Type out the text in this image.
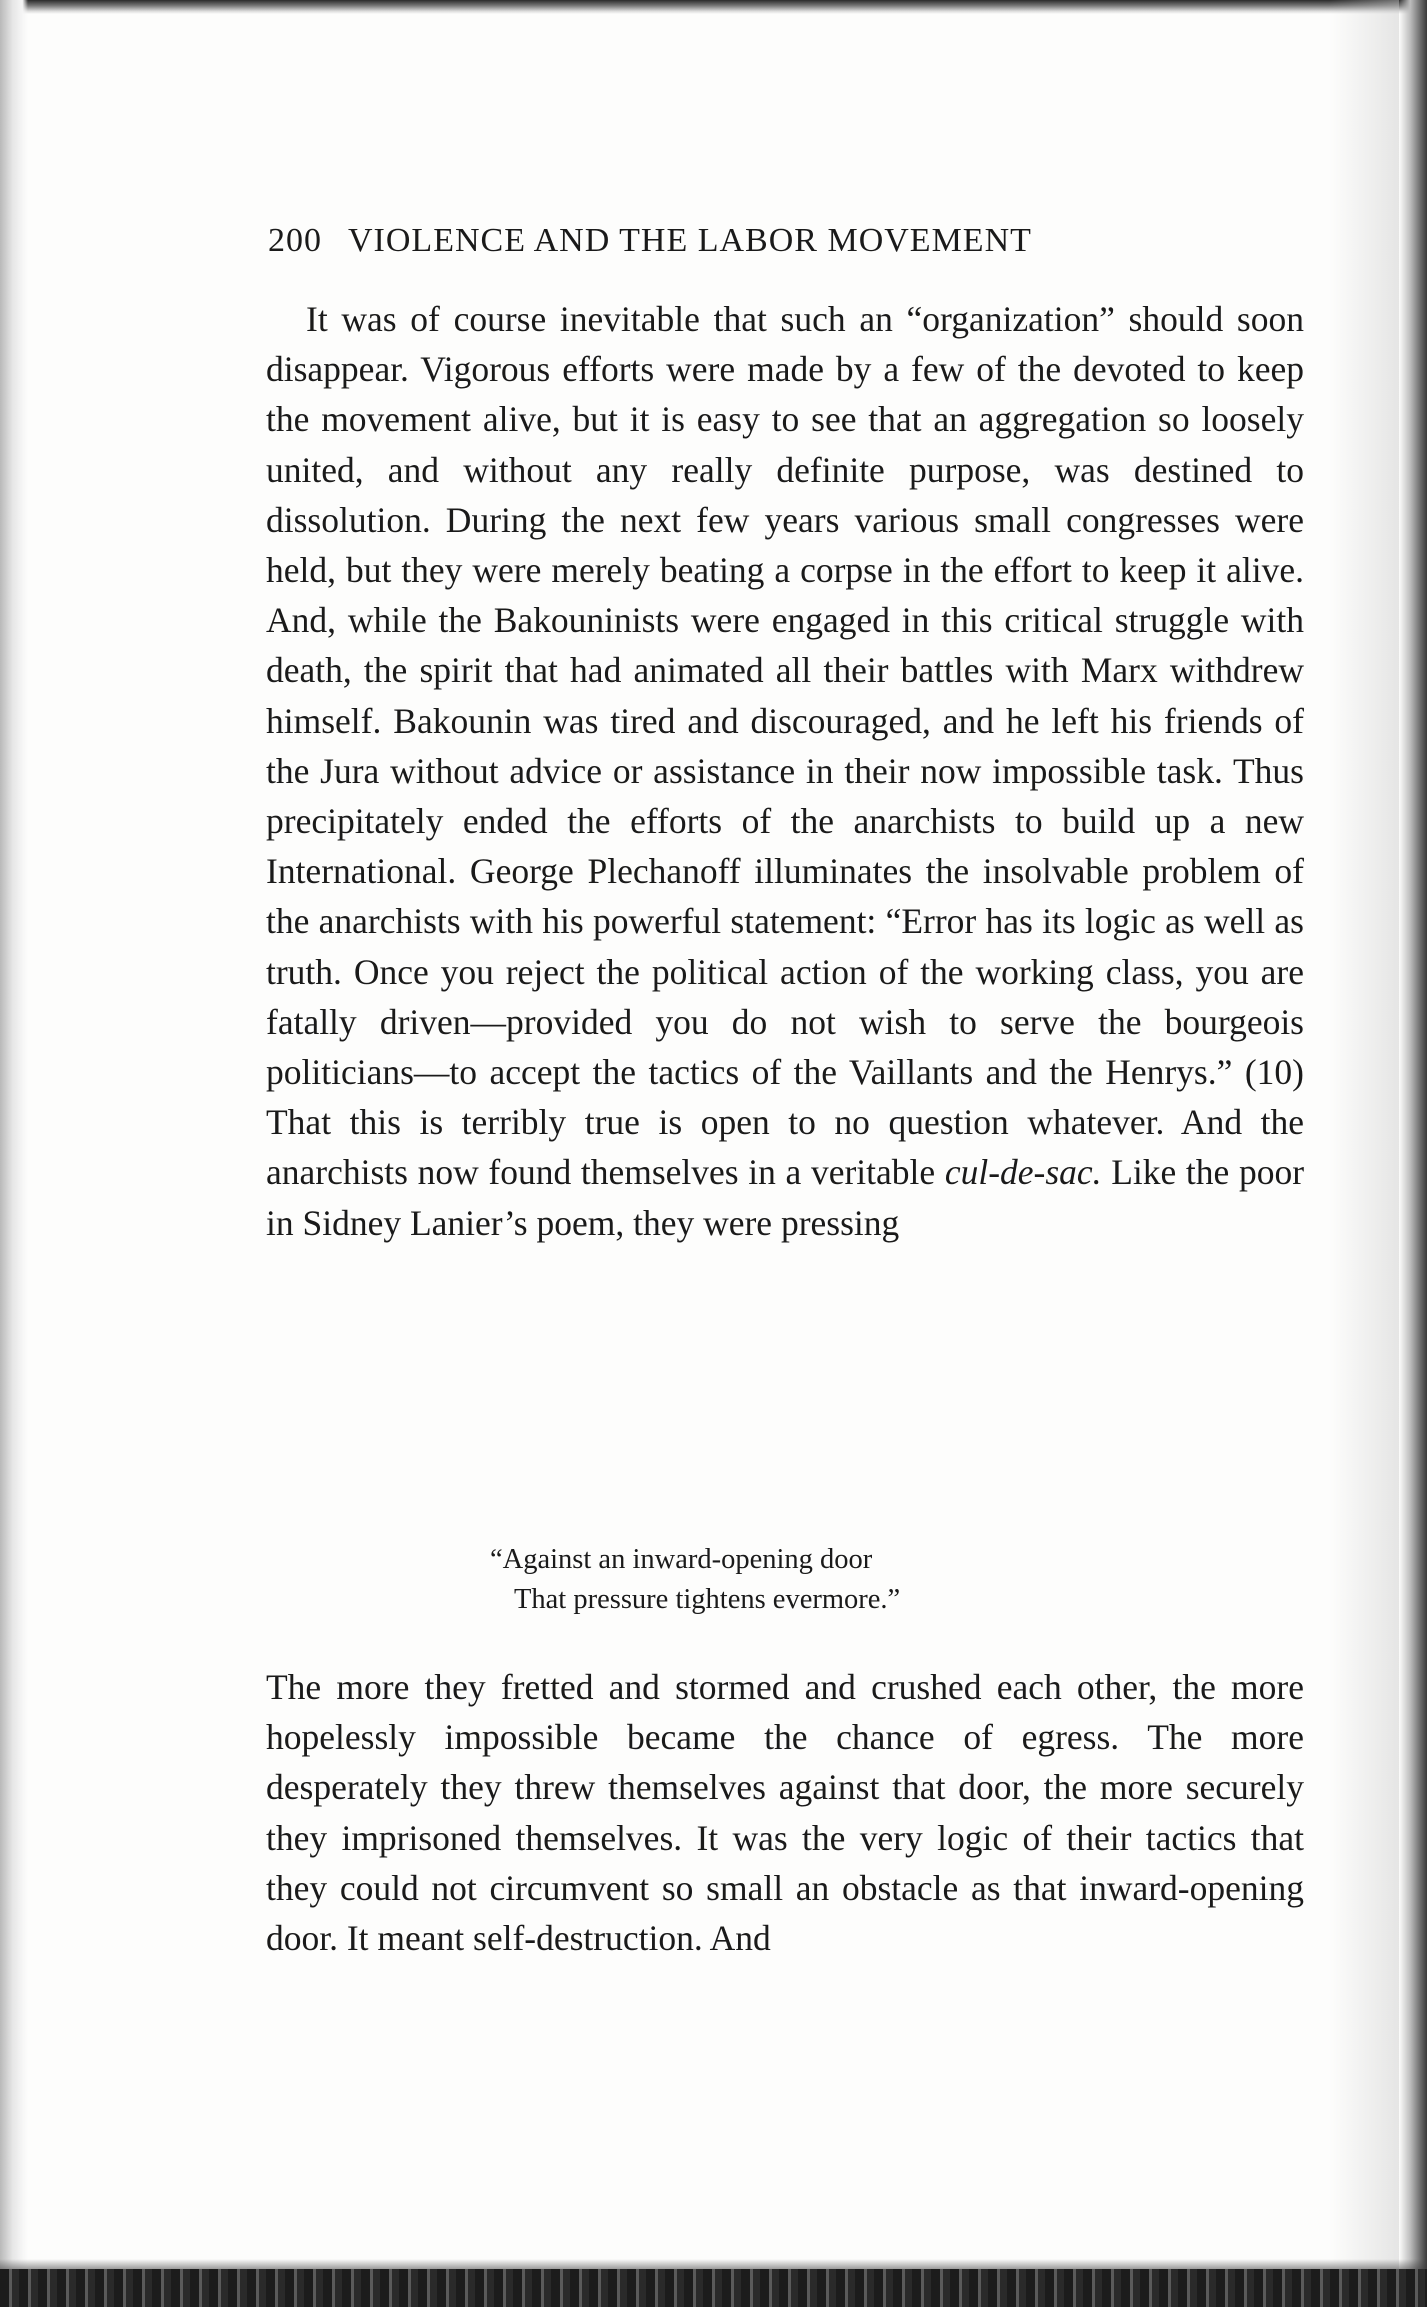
200 VIOLENCE AND THE LABOR MOVEMENT
It was of course inevitable that such an “organization” should soon disappear. Vigorous efforts were made by a few of the devoted to keep the movement alive, but it is easy to see that an aggregation so loosely united, and without any really definite purpose, was destined to dissolution. During the next few years various small congresses were held, but they were merely beating a corpse in the effort to keep it alive. And, while the Bakouninists were engaged in this critical struggle with death, the spirit that had animated all their battles with Marx withdrew himself. Bakounin was tired and discouraged, and he left his friends of the Jura without advice or assistance in their now impossible task. Thus precipitately ended the efforts of the anarchists to build up a new International. George Plechanoff illuminates the insolvable problem of the anarchists with his powerful statement: “Error has its logic as well as truth. Once you reject the political action of the working class, you are fatally driven—provided you do not wish to serve the bourgeois politicians—to accept the tactics of the Vaillants and the Henrys.” (10) That this is terribly true is open to no question whatever. And the anarchists now found themselves in a veritable cul-de-sac. Like the poor in Sidney Lanier’s poem, they were pressing
“Against an inward-opening door
That pressure tightens evermore.”
The more they fretted and stormed and crushed each other, the more hopelessly impossible became the chance of egress. The more desperately they threw themselves against that door, the more securely they imprisoned themselves. It was the very logic of their tactics that they could not circumvent so small an obstacle as that inward-opening door. It meant self-destruction. And
